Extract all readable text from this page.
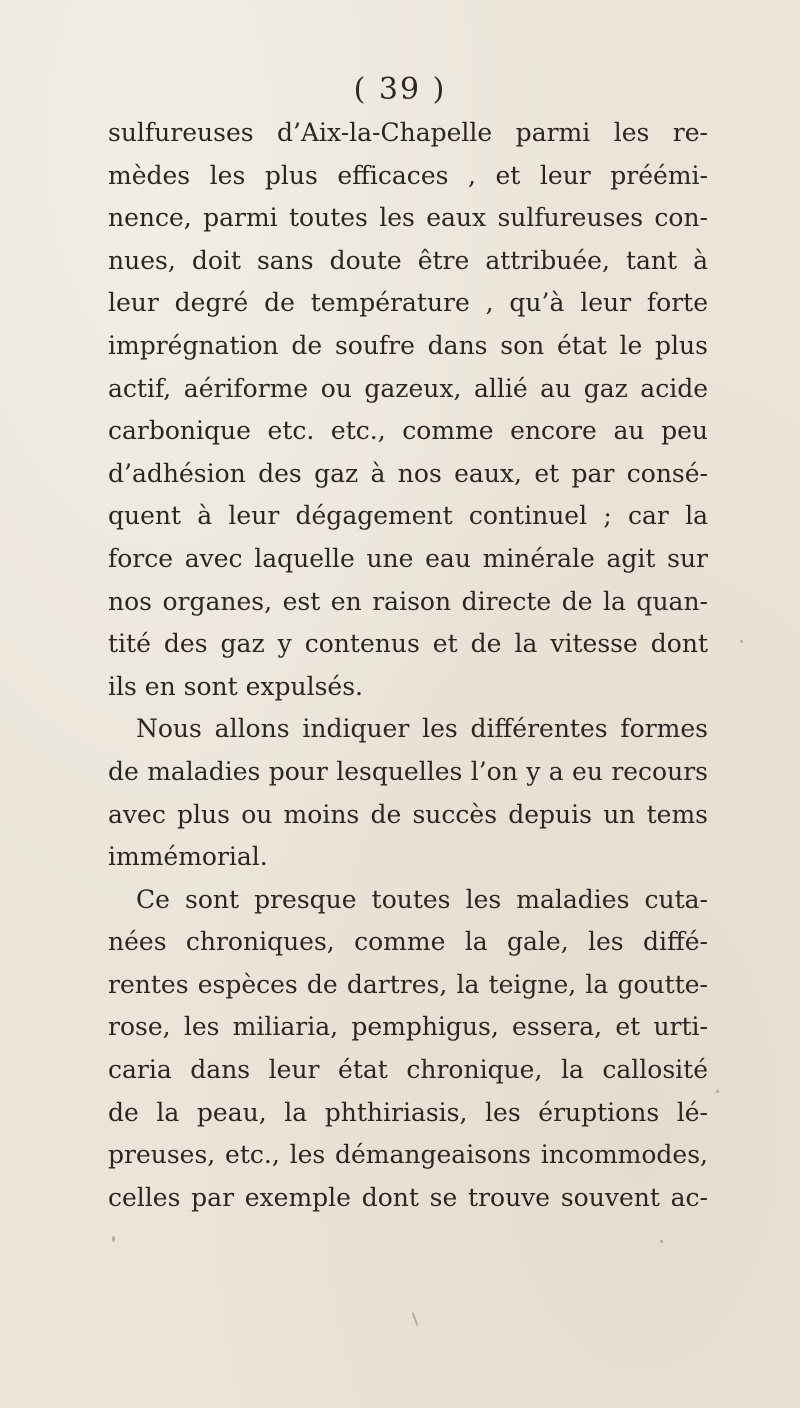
( 39 )
sulfureuses d’Aix-la-Chapelle parmi les re-
mèdes les plus efficaces , et leur préémi-
nence, parmi toutes les eaux sulfureuses con-
nues, doit sans doute être attribuée, tant à
leur degré de température , qu’à leur forte
imprégnation de soufre dans son état le plus
actif, aériforme ou gazeux, allié au gaz acide
carbonique etc. etc., comme encore au peu
d’adhésion des gaz à nos eaux, et par consé-
quent à leur dégagement continuel ; car la
force avec laquelle une eau minérale agit sur
nos organes, est en raison directe de la quan-
tité des gaz y contenus et de la vitesse dont
ils en sont expulsés.
Nous allons indiquer les différentes formes
de maladies pour lesquelles l’on y a eu recours
avec plus ou moins de succès depuis un tems
immémorial.
Ce sont presque toutes les maladies cuta-
nées chroniques, comme la gale, les diffé-
rentes espèces de dartres, la teigne, la goutte-
rose, les miliaria, pemphigus, essera, et urti-
caria dans leur état chronique, la callosité
de la peau, la phthiriasis, les éruptions lé-
preuses, etc., les démangeaisons incommodes,
celles par exemple dont se trouve souvent ac-
